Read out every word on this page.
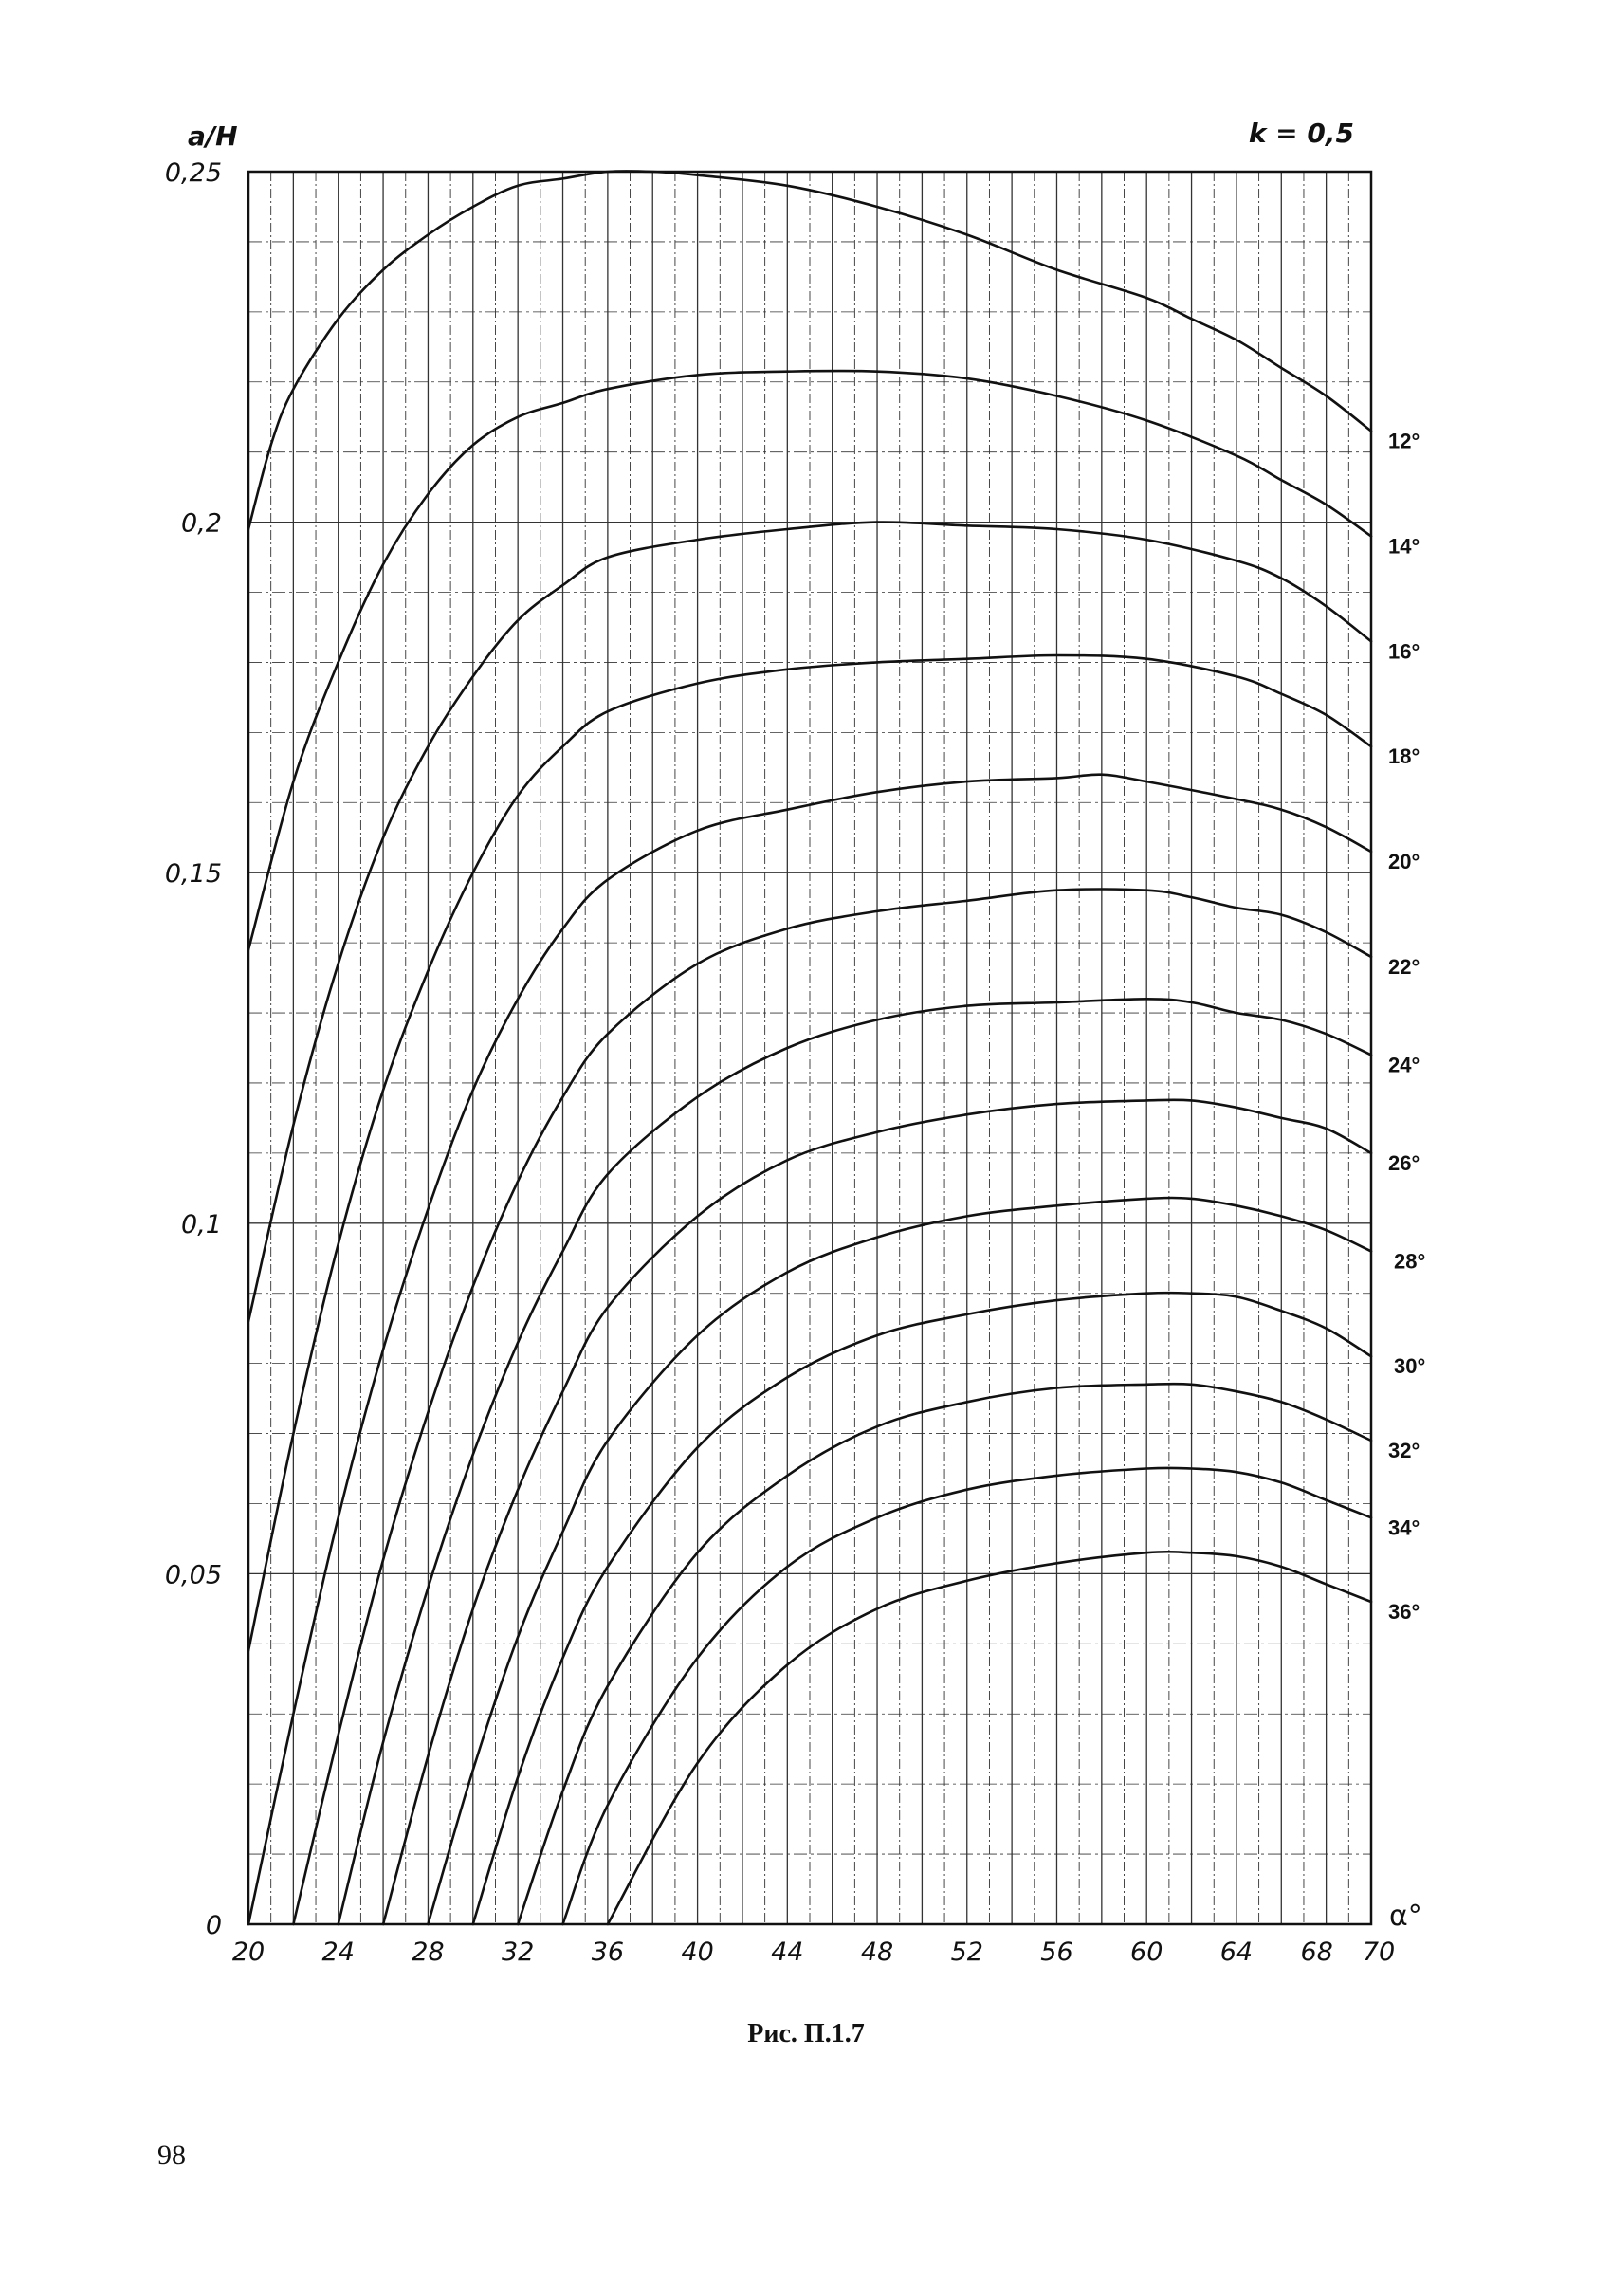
0
0,05
0,1
0,15
0,2
0,25
20 24 28 32 36 40 44 48 52 56 60 64 68 70
12°
14°
16°
18°
20°
22°
24°
26°
28°
30°
32°
34°
36°
a/H	k = 0,5
α°
Рис. П.1.7
98
